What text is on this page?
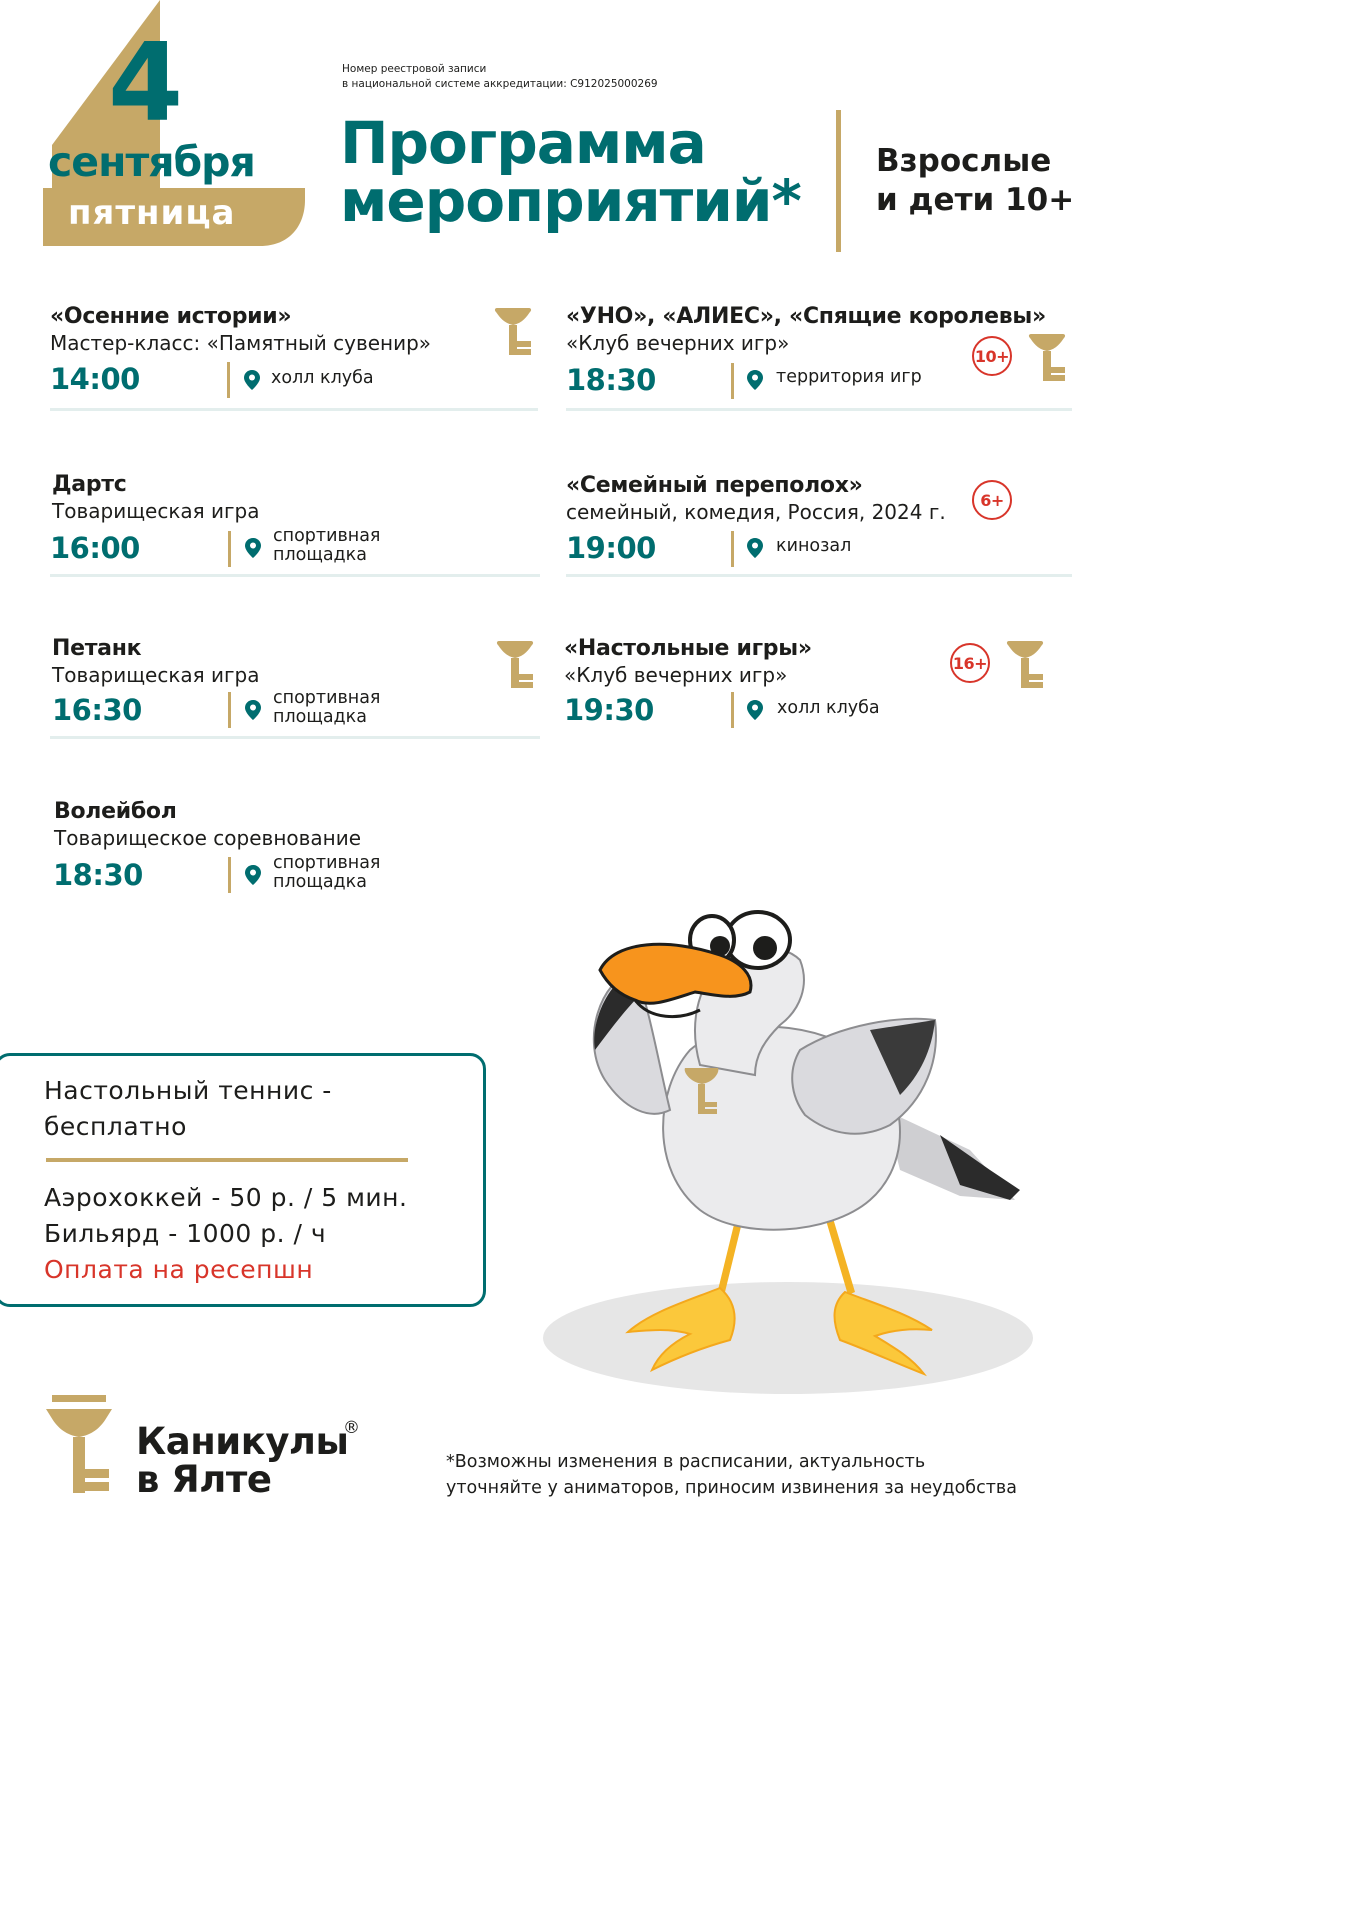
4
сентября
пятница
Номер реестровой записи
в национальной системе аккредитации: С912025000269
Программа
мероприятий*
Взрослые
и дети 10+
«Осенние истории»
Мастер-класс: «Памятный сувенир»
14:00	холл клуба
«УНО», «АЛИЕС», «Спящие королевы»
«Клуб вечерних игр»
18:30	территория игр
10+
Дартс
Товарищеская игра
16:00	спортивная
площадка
«Семейный переполох»
семейный, комедия, Россия, 2024 г.
19:00	кинозал
6+
Петанк
Товарищеская игра
16:30	спортивная
площадка
«Настольные игры»
«Клуб вечерних игр»
19:30	холл клуба
16+
Волейбол
Товарищеское соревнование
18:30	спортивная
площадка
Настольный теннис -
бесплатно
Аэрохоккей - 50 р. / 5 мин.
Бильярд - 1000 р. / ч
Оплата на ресепшн
Каникулы
в Ялте
®
*Возможны изменения в расписании, актуальность
уточняйте у аниматоров, приносим извинения за неудобства
